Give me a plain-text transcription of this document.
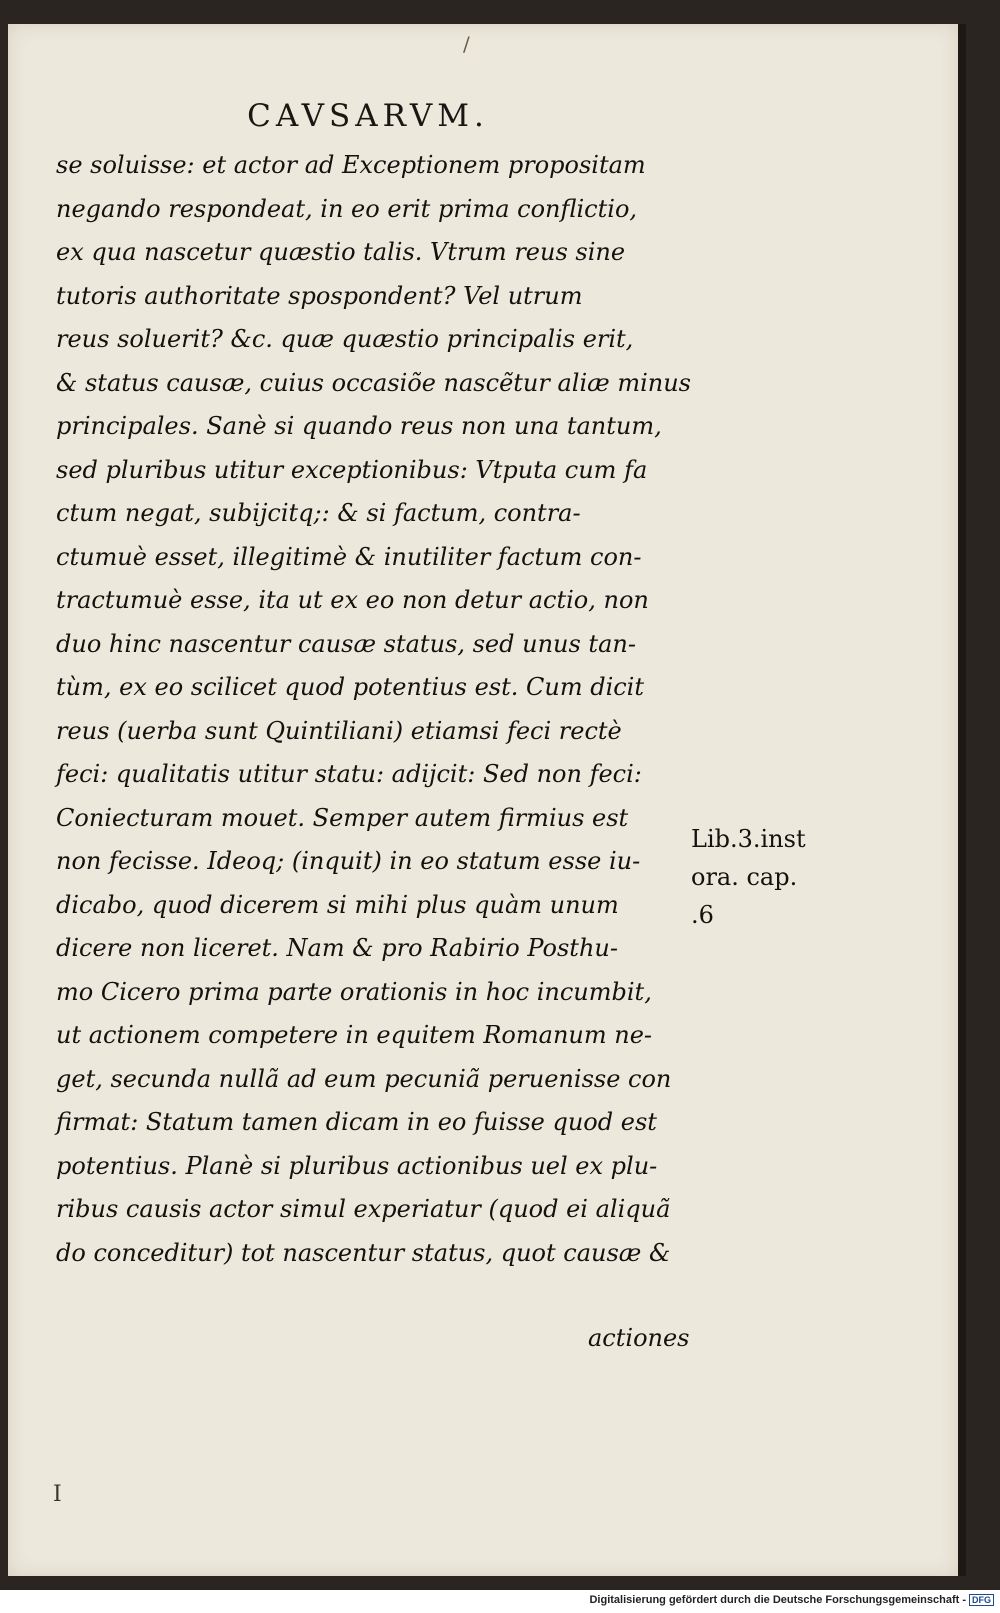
/
CAVSARVM.
se soluisse: et actor ad Exceptionem propositam
negando respondeat, in eo erit prima conflictio,
ex qua nascetur quæstio talis. Vtrum reus sine
tutoris authoritate spospondent? Vel utrum
reus soluerit? &c. quæ quæstio principalis erit,
& status causæ, cuius occasiõe nascẽtur aliæ minus
principales. Sanè si quando reus non una tantum,
sed pluribus utitur exceptionibus: Vtputa cum fa
ctum negat, subijcitq;: & si factum, contra-
ctumuè esset, illegitimè & inutiliter factum con-
tractumuè esse, ita ut ex eo non detur actio, non
duo hinc nascentur causæ status, sed unus tan-
tùm, ex eo scilicet quod potentius est. Cum dicit
reus (uerba sunt Quintiliani) etiamsi feci rectè
feci: qualitatis utitur statu: adijcit: Sed non feci:
Coniecturam mouet. Semper autem firmius est
non fecisse. Ideoq; (inquit) in eo statum esse iu-
dicabo, quod dicerem si mihi plus quàm unum
dicere non liceret. Nam & pro Rabirio Posthu-
mo Cicero prima parte orationis in hoc incumbit,
ut actionem competere in equitem Romanum ne-
get, secunda nullã ad eum pecuniã peruenisse con
firmat: Statum tamen dicam in eo fuisse quod est
potentius. Planè si pluribus actionibus uel ex plu-
ribus causis actor simul experiatur (quod ei aliquã
do conceditur) tot nascentur status, quot causæ &
actiones
Lib.3.inst
ora. cap.
.6
I
Digitalisierung gefördert durch die Deutsche Forschungsgemeinschaft - DFG
